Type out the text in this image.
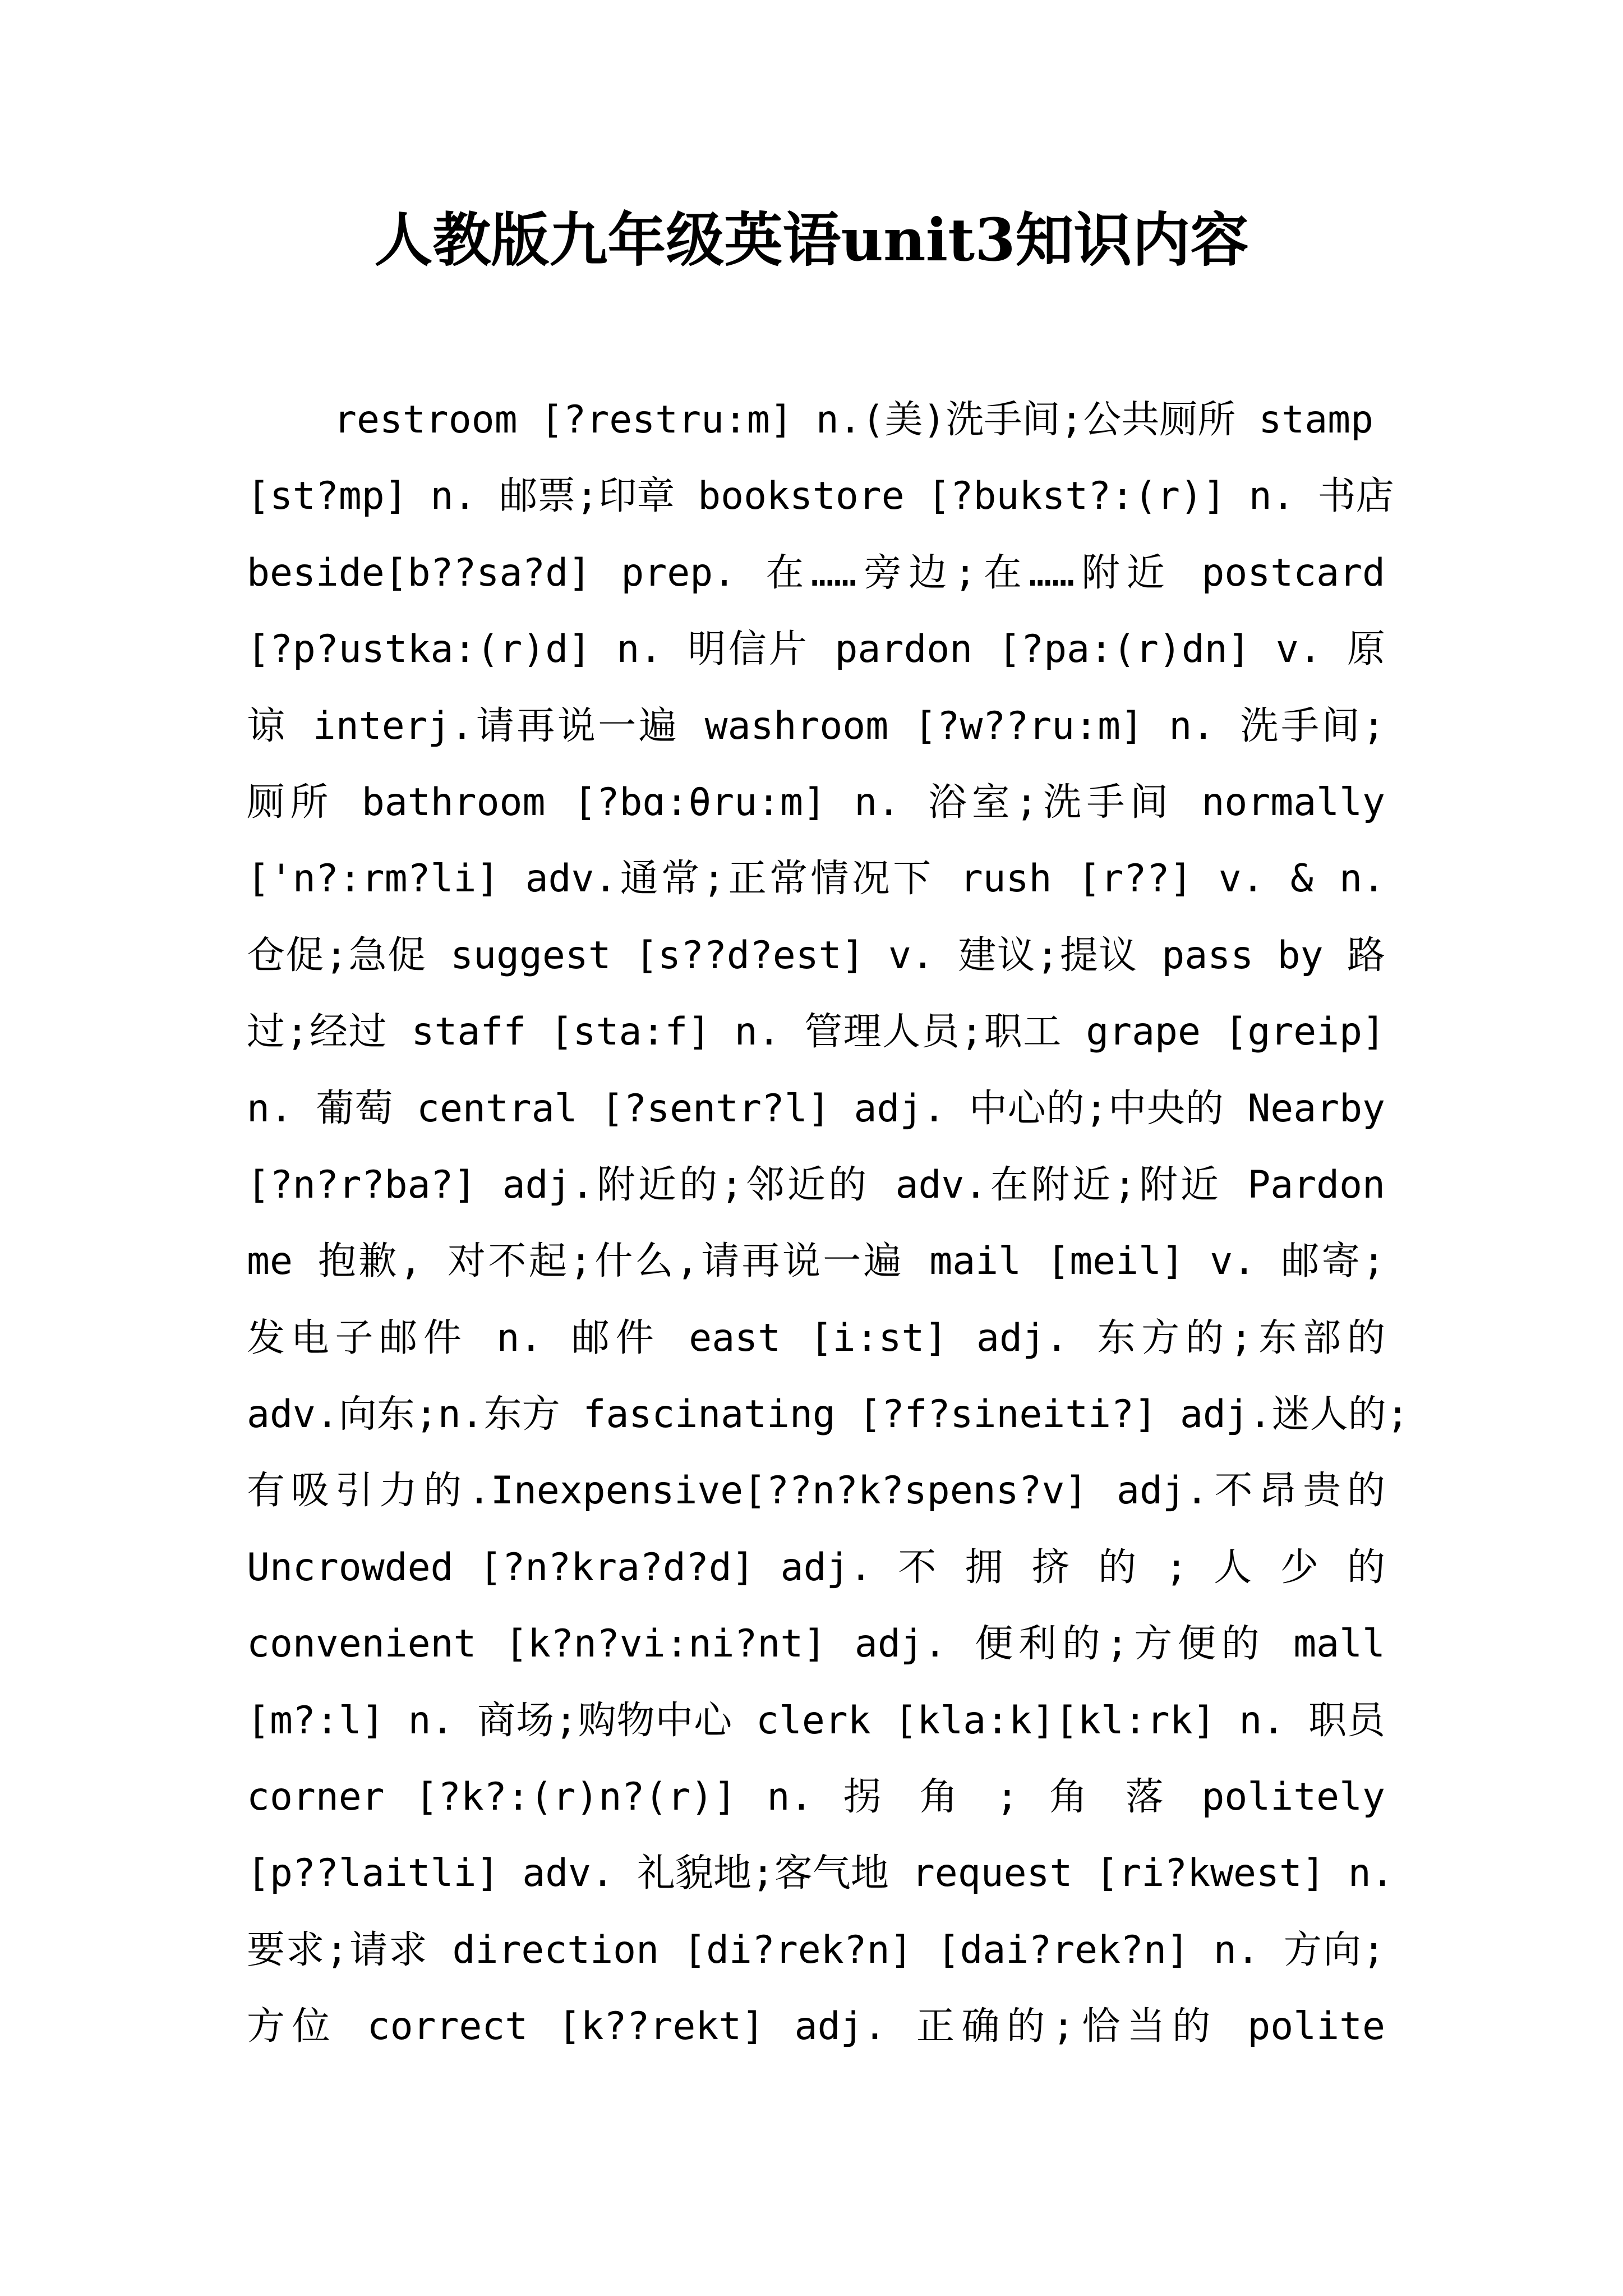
人教版九年级英语unit3知识内容
restroom [?restru:m] n.(美)洗手间;公共厕所 stamp
[st?mp] n. 邮票;印章 bookstore [?bukst?:(r)] n. 书店
beside[b??sa?d] prep. 在……旁边;在……附近 postcard
[?p?ustka:(r)d] n. 明信片 pardon [?pa:(r)dn] v. 原
谅 interj.请再说一遍 washroom [?w??ru:m] n. 洗手间;
厕所 bathroom [?bɑ:θru:m] n. 浴室;洗手间 normally
['n?:rm?li] adv.通常;正常情况下 rush [r??] v. & n.
仓促;急促 suggest [s??d?est] v. 建议;提议 pass by 路
过;经过 staff [sta:f] n. 管理人员;职工 grape [greip]
n. 葡萄 central [?sentr?l] adj. 中心的;中央的 Nearby
[?n?r?ba?] adj.附近的;邻近的 adv.在附近;附近 Pardon
me 抱歉, 对不起;什么,请再说一遍 mail [meil] v. 邮寄;
发电子邮件 n. 邮件 east [i:st] adj. 东方的;东部的
adv.向东;n.东方 fascinating [?f?sineiti?] adj.迷人的;
有吸引力的.Inexpensive[??n?k?spens?v] adj.不昂贵的
Uncrowded [?n?kra?d?d] adj. 不 拥 挤 的 ; 人 少 的
convenient [k?n?vi:ni?nt] adj. 便利的;方便的 mall
[m?:l] n. 商场;购物中心 clerk [kla:k][kl:rk] n. 职员
corner [?k?:(r)n?(r)] n. 拐 角 ; 角 落 politely
[p??laitli] adv. 礼貌地;客气地 request [ri?kwest] n.
要求;请求 direction [di?rek?n] [dai?rek?n] n. 方向;
方位 correct [k??rekt] adj. 正确的;恰当的 polite
